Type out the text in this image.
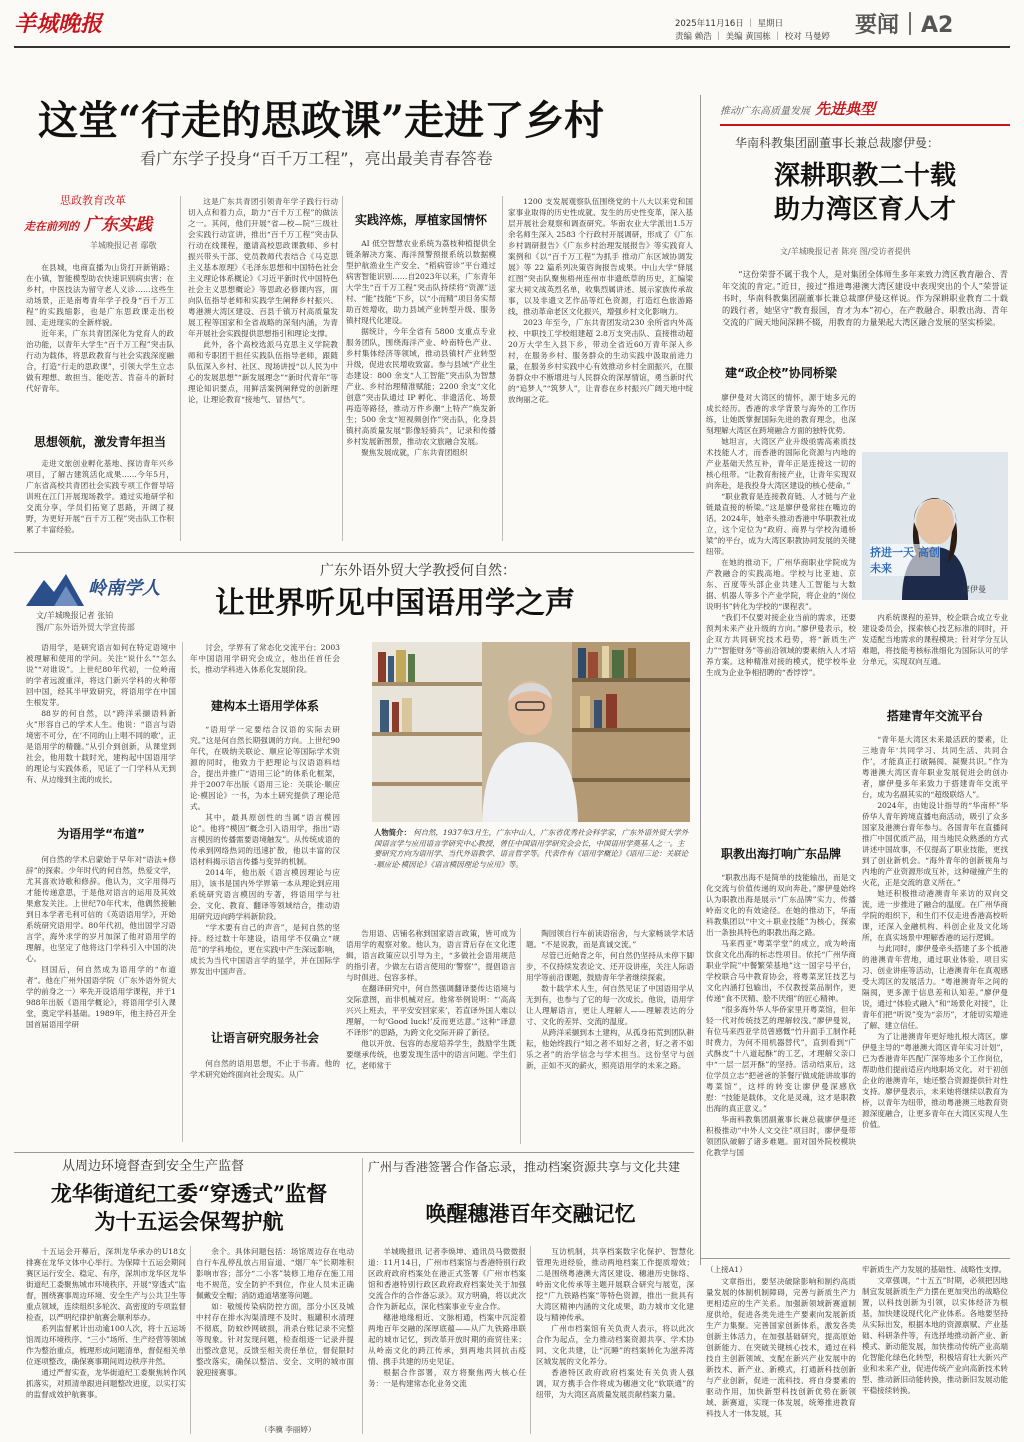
羊城晚报	2025年11月16日 ｜ 星期日
责编 赖浩 ｜ 美编 黄国栋 ｜ 校对 马曼婷 要闻｜A2
这堂“行走的思政课”走进了乡村
看广东学子投身“百千万工程”，亮出最美青春答卷
思政教育改革
走在前列的 广东实践
羊城晚报记者 鄢敬

在县城，电商直播为山货打开新销路；在小镇，智能模型助农快速识别病虫害；在乡村，中医技法为留守老人义诊……这些生动场景，正是南粤青年学子投身“百千万工程”的实践缩影，也是广东思政课走出校园、走进现实的全新样貌。

近年来，广东共青团深化为党育人的政治功能，以青年大学生“百千万工程”突击队行动为载体，将思政教育与社会实践深度融合，打造“行走的思政课”，引领大学生立志做有理想、敢担当、能吃苦、肯奋斗的新时代好青年。

思想领航，激发青年担当

走进文旅创业孵化基地、探访青年兴乡项目，了解古建筑活化成果……今年5月，广东省高校共青团社会实践专项工作督导培训班在江门开展现场教学。通过实地研学和交流分享，学员们拓宽了思路，开阔了视野，为更好开展“百千万工程”突击队工作积累了丰富经验。

这是广东共青团引领青年学子践行行动切入点和着力点，助力“百千万工程”的做法之一。其间，他们开展“省—校—院”三级社会实践行动宣讲，推出“百千万工程”突击队行动在线课程，邀请高校思政课教师、乡村振兴带头干部、党员教师代表结合《马克思主义基本原理》《毛泽东思想和中国特色社会主义理论体系概论》《习近平新时代中国特色社会主义思想概论》等思政必修课内容，面向队伍指导老师和实践学生阐释乡村振兴、粤港澳大湾区建设、百县千镇万村高质量发展工程等国家和全省战略的深刻内涵，为青年开展社会实践提供思想指引和理论支撑。

此外，各个高校选派马克思主义学院教师和专职团干担任实践队伍指导老师，跟随队伍深入乡村、社区、现场讲授“以人民为中心的发展思想”“新发展理念”“新时代青年”等理论知识要点，用鲜活案例阐释党的创新理论，让理论教育“接地气、冒热气”。

实践淬炼，厚植家国情怀

AI 低空智慧农业系统为荔枝种植提供全链条解决方案、海洋预警预报系统以数据模型护航渔业生产安全、“稻病管诊”平台通过病害智能识别……自2023年以来，广东青年大学生“百千万工程”突击队持续将“资源”送村、“能”技能“下乡，以“小而精”项目务实帮助百姓增收，助力县域产业转型升级、服务镇村现代化建设。

据统计，今年全省有 5800 支重点专业服务团队，围绕海洋产业、岭南特色产业、乡村集体经济等领域，推动县镇村产业转型升级，促进农民增收致富。参与县域“产业生态建设：800 余支“人工智能”突击队为智慧产业、乡村治理精准赋能；2200 余支“文化创意”突击队通过 IP 孵化、非遗活化、场景再造等路径，推动万件乡潮“上特产”焕发新生；500 余支“短视频创作”突击队，化身县镇村高质量发展“影像轻骑兵”，记录和传播乡村发展新图景，推动农文旅融合发展。

聚焦发展成就，广东共青团组织

1200 支发展观察队伍围绕党的十八大以来党和国家事业取得的历史性成就、发生的历史性变革，深入基层开展社会观察和调查研究。华南农业大学派出1.5万余名师生深入 2583 个行政村开展调研，形成了《广东乡村调研报告》《广东乡村治理发展报告》等实践育人案例和《以“百千万工程”为抓手 推动广东区域协调发展》等 22 篇系列决策咨询报告成果。中山大学“驿展红图”突击队聚焦梧州连州市非遗纸草的历史，汇编梁家大祠文战英烈名单，收集烈属讲述、展示家族传承故事，以及非遗文艺作品等红色资源，打造红色旅游路线，推动革命老区文化振兴，增强乡村文化影响力。

2023 年至今，广东共青团发动230 余所省内外高校、中职技工学校组建超 2.8万支突击队、直接推动超 20万大学生入县下乡，带动全省近60万青年深入乡村，在服务乡村、服务群众的生动实践中汲取前进力量，在服务乡村实践中心有效推动乡村全面振兴，在服务群众中不断增进与人民群众的深厚情谊，勇当新时代的“追梦人”“筑梦人”，让青春在乡村振兴广阔天地中绽放绚丽之花。

推动广东高质量发展 先进典型
华南科教集团副董事长兼总裁廖伊曼：
深耕职教二十载
助力湾区育人才
文/羊城晚报记者 陈亮 图/受访者提供

“这份荣誉不属于我个人，是对集团全体师生多年来致力湾区教育融合、青年交流的肯定。”近日，接过“推进粤港澳大湾区建设中表现突出的个人”荣誉证书时，华南科教集团副董事长兼总裁廖伊曼这样说。作为深耕职业教育二十载的践行者，她坚守“教育报国，育才为本”初心，在产教融合、职教出海、青年交流的广阔天地间深耕不辍，用教育的力量架起大湾区融合发展的坚实桥梁。

建“政企校”协同桥梁

廖伊曼对大湾区的情怀，源于她多元的成长经历。香港的求学背景与海外的工作历练，让她既掌握国际先进的教育理念，也深刻理解大湾区在跨境融合方面的独特优势。

她坦言，大湾区产业升级亟需高素质技术技能人才，而香港的国际化资源与内地的产业基础天然互补，青年正是连接这一切的核心纽带。“让教育衔接产业，让青年实现双向奔赴，是我投身大湾区建设的核心使命。”

“职业教育是连接教育链、人才链与产业链最直接的桥梁。”这是廖伊曼常挂在嘴边的话。2024年，她牵头推动香港中华职教社成立，这个定位为“政府、商界与学校沟通桥梁”的平台，成为大湾区职教协同发展的关键纽带。

在她的推动下，广州华商职业学院成为产教融合的实践高地。学校与比亚迪、京东、百度等头部企业共建人工智能与大数据、机器人等多个产业学院，将企业的“岗位说明书”转化为学校的“课程表”。

“我们不仅要对接企业当前的需求，还要预判未来产业升级的方向。”廖伊曼表示，校企双方共同研究技术趋势，将“新质生产力”“智能财务”等前沿领域的要素纳入人才培养方案。这种精准对接的模式，使学校毕业生成为企业争相招聘的“香饽饽”。

挤进一天 高创未来
廖伊曼

内系统课程的差异，校企联合成立专业建设委员会，探索核心技艺标准的同时，开发适配当地需求的课程模块；针对学分互认难题，将技能考核标准细化为国际认可的学分单元，实现双向互通。

职教出海打响广东品牌

“职教出海不是简单的技能输出，而是文化交流与价值传递的双向奔赴。”廖伊曼始终认为职教出海是展示“广东品牌”实力、传播岭南文化的有效途径。在她的推动下，华南科教集团以“中文＋职业技能”为核心，探索出一条独具特色的职教出海之路。

马来西亚“粤菜学堂”的成立，成为岭南饮食文化出海的标志性项目。依托“广州华商职业学院”中餐繁荣基地”这一国字号平台，学校联合马中教育协会，将粤菜烹饪技艺与文化内涵打包输出，不仅教授菜品制作，更传递“食不厌精、脍不厌细”的匠心精神。

“很多海外华人华侨家里开粤菜馆，但年轻一代对传统技艺的理解较浅。”廖伊曼说，有位马来西亚学员曾感慨“竹升面手工制作耗时费力，为何不用机器替代”，直到看到“广式酥皮”十八道起酥”的工艺，才理解父亲口中“一层一层开酥”的坚持。活动结束后，这位学员立志“把爸爸的茶餐厅做成能讲故事的粤菜馆”，这样的转变让廖伊曼深感欣慰：“技能是载体，文化是灵魂，这才是职教出海的真正意义。”

华南科教集团副董事长兼总裁廖伊曼还积极推动“中外人文交往”项目时，廖伊曼带领团队破解了诸多难题。面对国外院校模块化教学与国

搭建青年交流平台

“青年是大湾区未来最活跃的要素，让三地青年‘共同学习、共同生活、共同合作’，才能真正打破隔阂、凝聚共识。”作为粤港澳大湾区青年职业发展促进会的创办者，廖伊曼多年来致力于搭建青年交流平台，成为名副其实的“超级联络人”。

2024年，由她设计指导的“华南杯”华侨华人青年跨境直播电商活动，吸引了众多国家及港澳台青年参与。各国青年在直播间推广中国优质产品，用当地民众熟悉的方式讲述中国故事，不仅提高了职业技能，更找到了创业新机会。“海外青年的创新视角与内地的产业资源形成互补，这种碰撞产生的火花，正是交流的意义所在。”

她还积极推动港澳青年来访的双向交流，进一步推进了融合的温度。在广州华商学院的组织下，和生们不仅走进香港高校听课，还深入金融机构、科创企业及文化场所，在真实场景中理解香港的运行逻辑。

与此同时，廖伊曼牵头搭建了多个抵港的港澳青年营地，通过职业体验、项目实习、创业讲座等活动，让港澳青年在真观感受大湾区的发展活力。“粤港澳青年之间的隔阂，更多源于信息差和认知差。”廖伊曼说，通过“体验式融入”和“场景化对接”，让青年们把“听说”变为“亲历”，才能切实增进了解、建立信任。

为了让港澳青年更好地扎根大湾区，廖伊曼主导的“粤港澳大湾区青年实习计划”，已为香港青年匹配广深等地多个工作岗位，帮助他们提前适应内地职场文化。对于初创企业的港澳青年，她还整合资源提供针对性支持。廖伊曼表示，未来她将继续以教育为桥，以青年为纽带，推动粤港澳三地教育资源深度融合，让更多青年在大湾区实现人生价值。

岭南学人
文/羊城晚报记者 张铂
图/广东外语外贸大学宣传部
广东外语外贸大学教授何自然：
让世界听见中国语用学之声

语用学，是研究语言如何在特定语境中被理解和使用的学问。关注“说什么”“怎么说”“对谁说”。上世纪80年代初，一位岭南的学者远渡重洋，将这门新兴学科的火种带回中国，经其半甲致研究，将语用学在中国生根发芽。

88岁的何自然，以“跨洋采撷语料新火”形容自己的学术人生。他说：“语言与语境密不可分，在‘不同的山上唱不同的歌’，正是语用学的精髓。”从引介到创新，从课堂到社会，他用数十载时光，建构起中国语用学的理论与实践体系，见证了一门学科从无到有、从边缘到主流的成长。

为语用学“布道”

何自然的学术启蒙始于早年对“语法+修辞”的探索。少年时代的何自然，热爱文学，尤其喜欢诗歌和修辞。他认为，文字用得巧才能传递意思，于是他对语言的运用及其效果愈发关注。上世纪70年代末，他偶然接触到日本学者毛利可信的《英语语用学》，开始系统研究语用学。80年代初，他出国学习语言学，海外求学的岁月加深了他对语用学的理解，也坚定了他将这门学科引入中国的决心。

回国后，何自然成为语用学的“布道者”。他在广州外国语学院（广东外语外贸大学的前身之一）率先开设语用学课程，并于1988年出版《语用学概论》，将语用学引入课堂，奠定学科基础。1989年，他主持召开全国首届语用学研

讨会，学界有了常态化交流平台；2003年中国语用学研究会成立，他出任首任会长，推动学科进入体系化发展阶段。

建构本土语用学体系

“语用学一定要结合汉语的实际去研究。”这是何自然长期强调的方向。上世纪90年代，在吸纳关联论、顺应论等国际学术资源的同时，他致力于把理论与汉语语料结合，提出并推广“语用三论”的体系化框架，并于2007年出版《语用三论：关联论·顺应论·模因论》一书，为本土研究提供了理论范式。

其中，最具原创性的当属“语言模因论”。他将“模因”概念引入语用学，指出“语言模因的传播需要语境触发”。从传统成语的传承到网络热词的迅速扩散，他以丰富的汉语材料揭示语言传播与变异的机制。

2014年，他出版《语言模因理论与应用》，该书是国内外学界第一本从理论到应用系统研究语言模因的专著，将语用学与社会、文化、教育、翻译等领域结合，推动语用研究迈向跨学科新阶段。

“学术要有自己的声音”，是何自然的坚持。经过数十年建设，语用学不仅确立“规范”的学科地位，更在实践中产生深远影响，成长为当代中国语言学的显学，并在国际学界发出中国声音。

让语言研究服务社会

何自然的语用思想，不止于书斋。他的学术研究始终面向社会现实。从广

人物简介： 何自然，1937年3月生，广东中山人，广东省优秀社会科学家，广东外语外贸大学外国语言学与应用语言学研究中心教授，曾任中国语用学研究会会长，中国语用学奠基人之一。主要研究方向为语用学、当代外语教学、语言哲学等。代表作有《语用学概论》《语用三论：关联论·顺应论·模因论》《语言模因理论与应用》等。

告用语、店铺名称到国家语言政策，皆可成为语用学的观察对象。他认为，语言背后存在文化逻辑，语言政策应以引导为主，“多做社会语用规范的指引者，少做左右语言使用的‘警察’”，提倡语言与时俱进、包容多样。

在翻译研究中，何自然强调翻译要传达语境与交际意图，而非机械对应。他常举例说明：“‘高高兴兴上班去，平平安安回家来’，若直译外国人难以理解，一句‘Good luck!’反而更达意。”这种“译意不译形”的思路，为跨文化交际开辟了新径。

他以开放、包容的态度培养学生，鼓励学生既要继承传统，也要发现生活中的语言问题。学生们忆，老师常于

陶园领自行车前读语宿舍，与大家畅谈学术话题。“不是说教，而是真诚交流。”

尽管已近鲐背之年，何自然仍坚持从未停下脚步，不仅持续发表论文、还开设讲座，关注人际语用学等前沿课题，鼓励青年学者继续探索。

数十载学术人生，何自然见证了中国语用学从无到有，也参与了它的每一次成长。他说，语用学让人理解语言，更让人理解人——理解表达的分寸、文化的差异、交流的温度。

从跨洋采撷到本土建构，从孤身拓荒到团队耕耘，他始终践行“知之者不如好之者，好之者不如乐之者”的治学信念与学术担当。这份坚守与创新，正如不灭的薪火，照亮语用学的未来之路。

从周边环境督查到安全生产监督
龙华街道纪工委“穿透式”监督
为十五运会保驾护航

十五运会开幕后，深圳龙华承办的U18女排赛在龙华文体中心举行。为保障十五运会期间赛区运行安全、稳定、有序，深圳市龙华区龙华街道纪工委聚焦城市环境秩序、开展“穿透式”监督，围绕赛事周边环境、安全生产与公共卫生等重点领域，连续组织多轮次、高密度的专项监督检查，以严明纪律护航赛会顺利举办。

系列监督累计出动逾100人次，将十五运场馆周边环境秩序、“三小”场所、生产经营等领域作为整治重点，梳理形成问题清单，督促相关单位逐项整改，确保赛事期间周边秩序井然。

通过严督实查，龙华街道纪工委聚焦转作风抓落实，对照清单跟进问题整改进度，以实打实的监督成效护航赛事。

余个。具体问题包括：场馆周边存在电动自行车乱停乱放占用盲道、“烟厂车”长期堆积影响市容；部分“二小客”装修工地存在施工用电不规范，安全防护不到位，作业人员未正确佩戴安全帽；消防通道堵塞等问题。

如：敬缓传染病防控方面，部分小区及城中村存在排水沟渠清理不及时、瓶罐积水清理不彻底，防蚊纱网破损，消杀台账记录不完整等现象。针对发现问题，检查组逐一记录并提出整改意见，反馈至相关责任单位，督促限时整改落实，确保以整洁、安全、文明的城市面貌迎接赛事。

（李骥 李丽婷）
广州与香港签署合作备忘录，推动档案资源共享与文化共建
唤醒穗港百年交融记忆

羊城晚报讯 记者李焕坤、通讯员马微微报道：11月14日，广州市档案馆与香港特别行政区政府政府档案处在港正式签署《广州市档案馆和香港特别行政区政府政府档案处关于加强交流合作的合作备忘录》。双方明确，将以此次合作为新起点，深化档案事业专业合作。

穗港地缘相近、文脉相通，档案中沉淀着两地百年交融的深厚底蕴——从广九铁路串联起的城市记忆，到改革开放时期的商贸往来；从岭南文化的跨江传承，到两地共同抗击疫情、携手共建的历史见证。

根据合作部署，双方将聚焦两大核心任务：一是构建常态化业务交流

互访机制，共享档案数字化保护、智慧化管理先进经验，推动两地档案工作提质增效；二是围绕粤港澳大湾区建设、穗港历史脉络、岭南文化传承等主题开展联合研究与展览，深挖“广九铁路档案”等特色资源，推出一批具有大湾区精神内涵的文化成果，助力城市文化建设与精神传承。

广州市档案馆有关负责人表示，将以此次合作为起点，全力推动档案资源共享、学术协同、文化共建，让“沉睡”的档案转化为滋养湾区城发展的文化养分。

香港特区政府政府档案处有关负责人强调，双方携手合作将成为穗港文化“软联通”的纽带，为大湾区高质量发展贡献档案力量。

（上接A1）

文章指出，要坚决破除影响和制约高质量发展的体制机制障碍，完善与新质生产力更相适应的生产关系。加强新领域新赛道制度供给，促进各类先进生产要素向发展新质生产力集聚。完善国家创新体系，激发各类创新主体活力，在加强基础研究，提高原始创新能力、在突破关键核心技术，通过在科技自主创新领域、支配在新兴产业发展中的新技术、新产业、新模式，打通新科技创新与产业创新，促进一流科技、将自身要素的驱动作用，加快新型科技创新优势在新领域、新赛道，实现一体发展，统筹推进教育科技人才一体发展，其

牢新质生产力发展的基础性、战略性支撑。

文章强调，“十五五”时期，必须把因地制宜发展新质生产力摆在更加突出的战略位置，以科技创新为引领，以实体经济为根基，加快建设现代化产业体系。各地要坚持从实际出发，根据本地的资源禀赋、产业基础、科研条件等，有选择地推动新产业、新模式、新动能发展，加快推动传统产业高端化智能化绿色化转型，积极培育壮大新兴产业和未来产业，促进传统产业向高新技术转型、推动新旧动能转换，推动新旧发展动能平稳接续转换。
